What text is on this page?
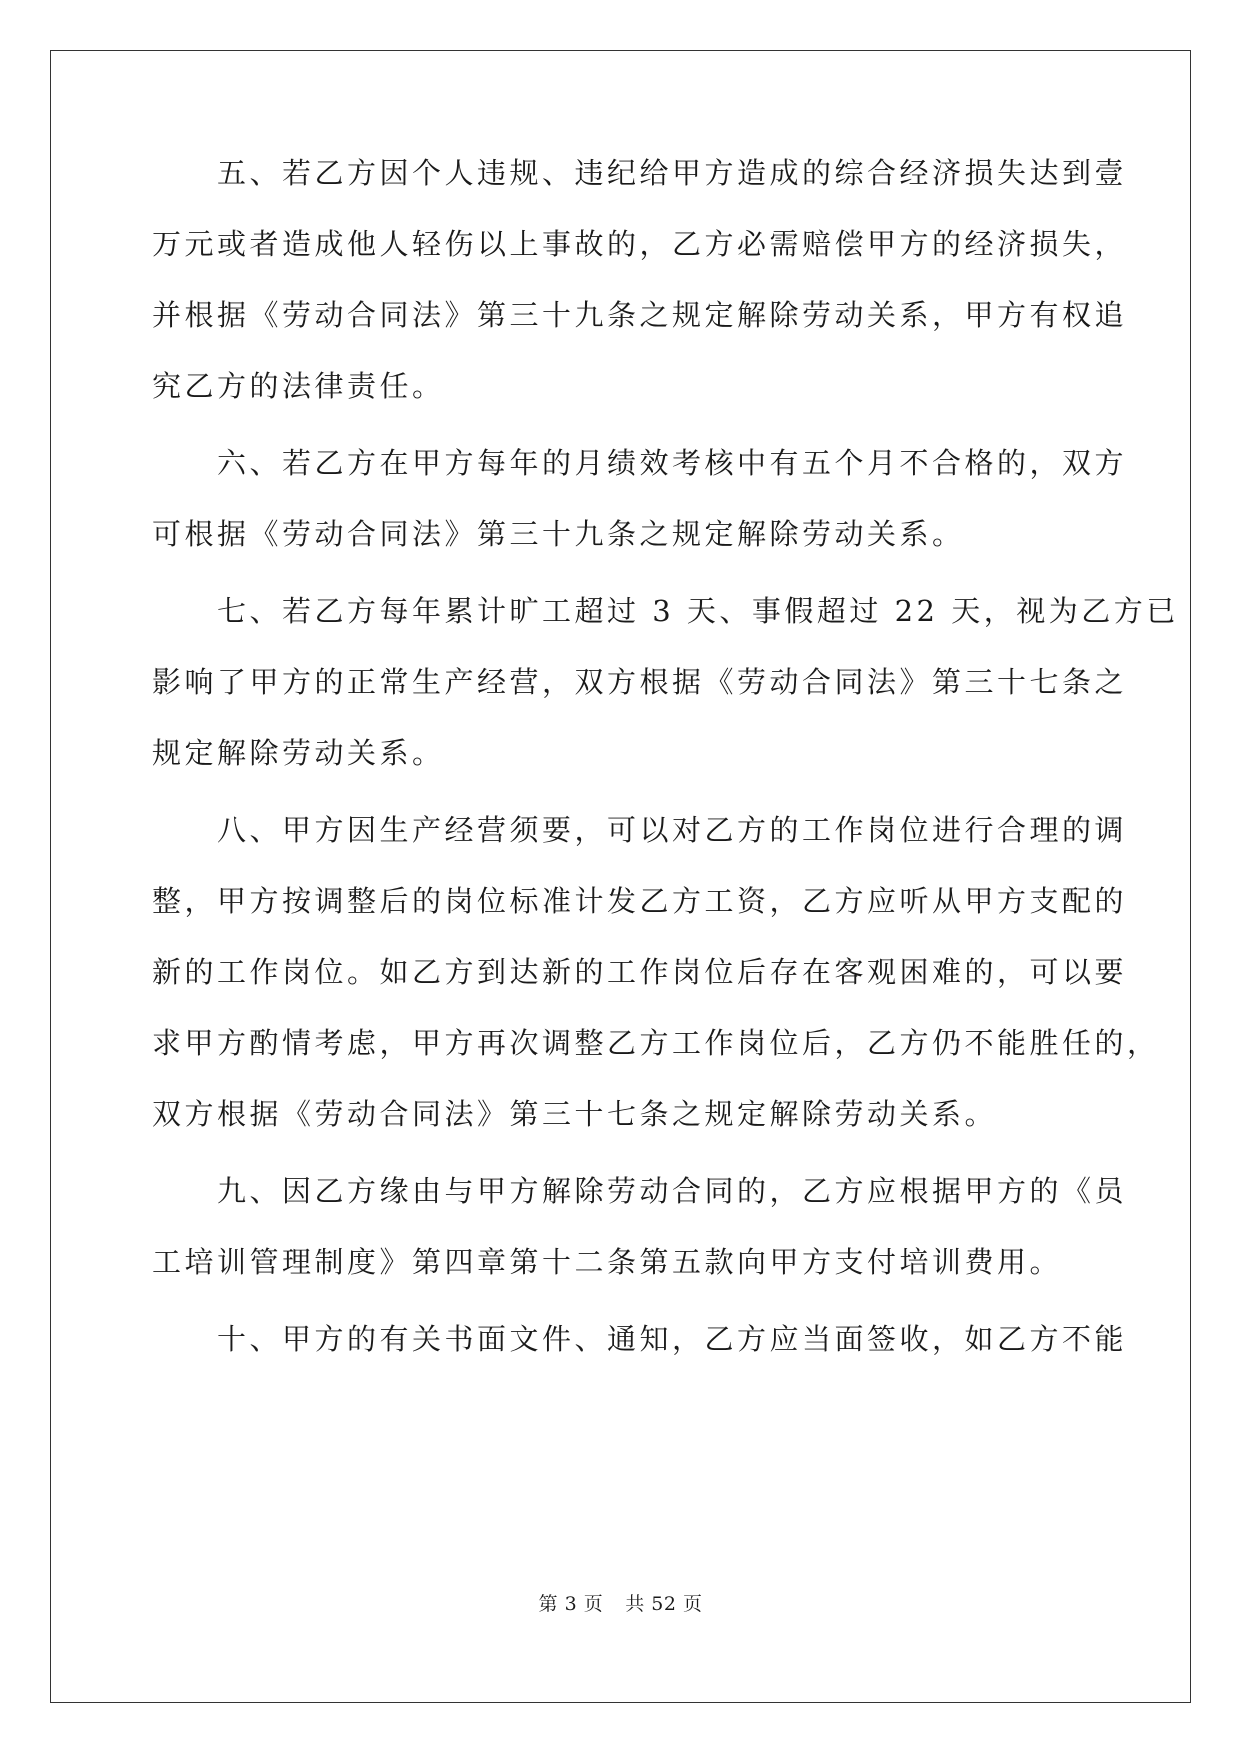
　　五、若乙方因个人违规、违纪给甲方造成的综合经济损失达到壹
万元或者造成他人轻伤以上事故的，乙方必需赔偿甲方的经济损失，
并根据《劳动合同法》第三十九条之规定解除劳动关系，甲方有权追
究乙方的法律责任。
　　六、若乙方在甲方每年的月绩效考核中有五个月不合格的，双方
可根据《劳动合同法》第三十九条之规定解除劳动关系。
　　七、若乙方每年累计旷工超过 3 天、事假超过 22 天，视为乙方已
影响了甲方的正常生产经营，双方根据《劳动合同法》第三十七条之
规定解除劳动关系。
　　八、甲方因生产经营须要，可以对乙方的工作岗位进行合理的调
整，甲方按调整后的岗位标准计发乙方工资，乙方应听从甲方支配的
新的工作岗位。如乙方到达新的工作岗位后存在客观困难的，可以要
求甲方酌情考虑，甲方再次调整乙方工作岗位后，乙方仍不能胜任的，
双方根据《劳动合同法》第三十七条之规定解除劳动关系。
　　九、因乙方缘由与甲方解除劳动合同的，乙方应根据甲方的《员
工培训管理制度》第四章第十二条第五款向甲方支付培训费用。
　　十、甲方的有关书面文件、通知，乙方应当面签收，如乙方不能
第 3 页 共 52 页
